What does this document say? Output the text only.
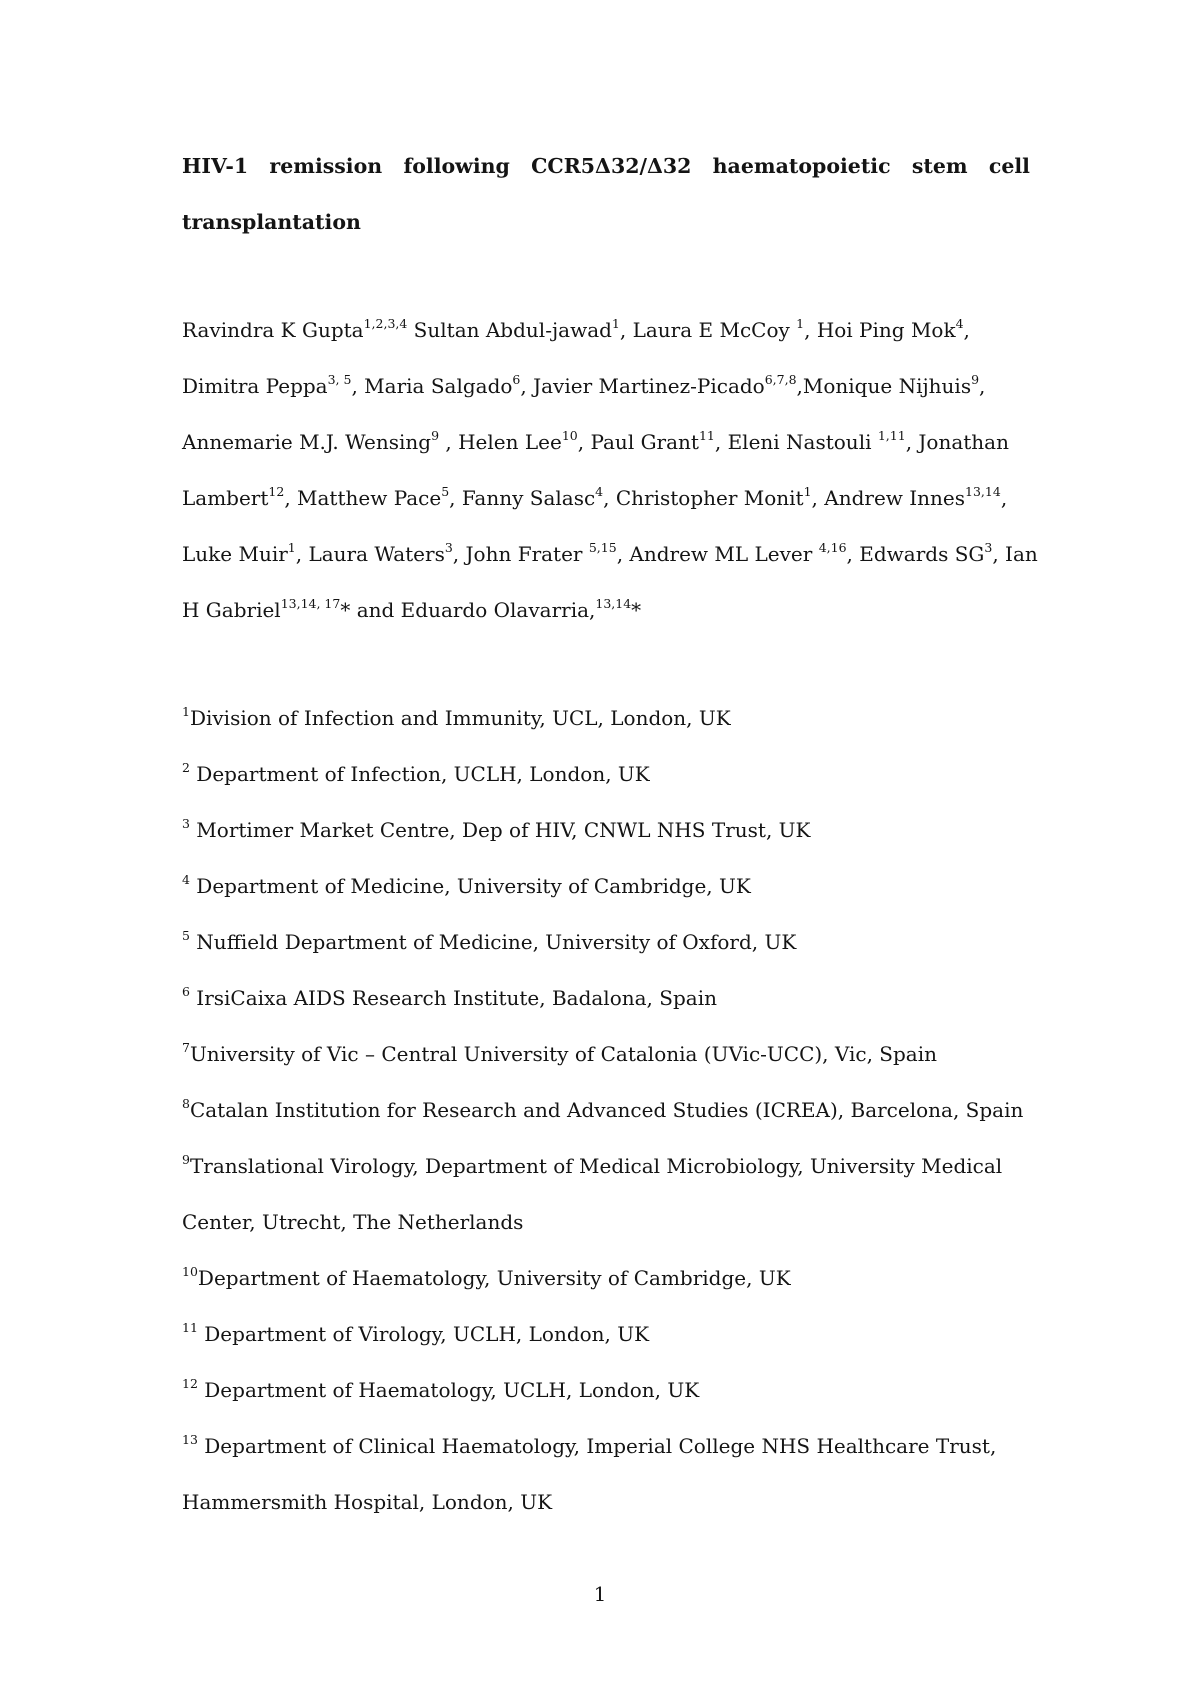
HIV-1 remission following CCR5Δ32/Δ32 haematopoietic stem cell
transplantation
Ravindra K Gupta$^{1,2,3,4}$ Sultan Abdul-jawad$^1$, Laura E McCoy $^1$, Hoi Ping Mok$^4$,
Dimitra Peppa$^{3, 5}$, Maria Salgado$^6$, Javier Martinez-Picado$^{6,7,8}$,Monique Nijhuis$^9$,
Annemarie M.J. Wensing$^9$ , Helen Lee$^{10}$, Paul Grant$^{11}$, Eleni Nastouli $^{1,11}$, Jonathan
Lambert$^{12}$, Matthew Pace$^5$, Fanny Salasc$^4$, Christopher Monit$^1$, Andrew Innes$^{13,14}$,
Luke Muir$^1$, Laura Waters$^3$, John Frater $^{5,15}$, Andrew ML Lever $^{4,16}$, Edwards $SG^3$, Ian
H Gabriel$^{13,14, 17}$* and Eduardo Olavarria,$^{13,14}$*
$^1$Division of Infection and Immunity, UCL, London, UK
$^2$ Department of Infection, UCLH, London, UK
$^3$ Mortimer Market Centre, Dep of HIV, CNWL NHS Trust, UK
$^4$ Department of Medicine, University of Cambridge, UK
$^5$ Nuffield Department of Medicine, University of Oxford, UK
$^6$ IrsiCaixa AIDS Research Institute, Badalona, Spain
$^7$University of Vic – Central University of Catalonia (UVic-UCC), Vic, Spain
$^8$Catalan Institution for Research and Advanced Studies (ICREA), Barcelona, Spain
$^9$Translational Virology, Department of Medical Microbiology, University Medical
Center, Utrecht, The Netherlands
$^{10}$Department of Haematology, University of Cambridge, UK
$^{11}$ Department of Virology, UCLH, London, UK
$^{12}$ Department of Haematology, UCLH, London, UK
$^{13}$ Department of Clinical Haematology, Imperial College NHS Healthcare Trust,
Hammersmith Hospital, London, UK
1
